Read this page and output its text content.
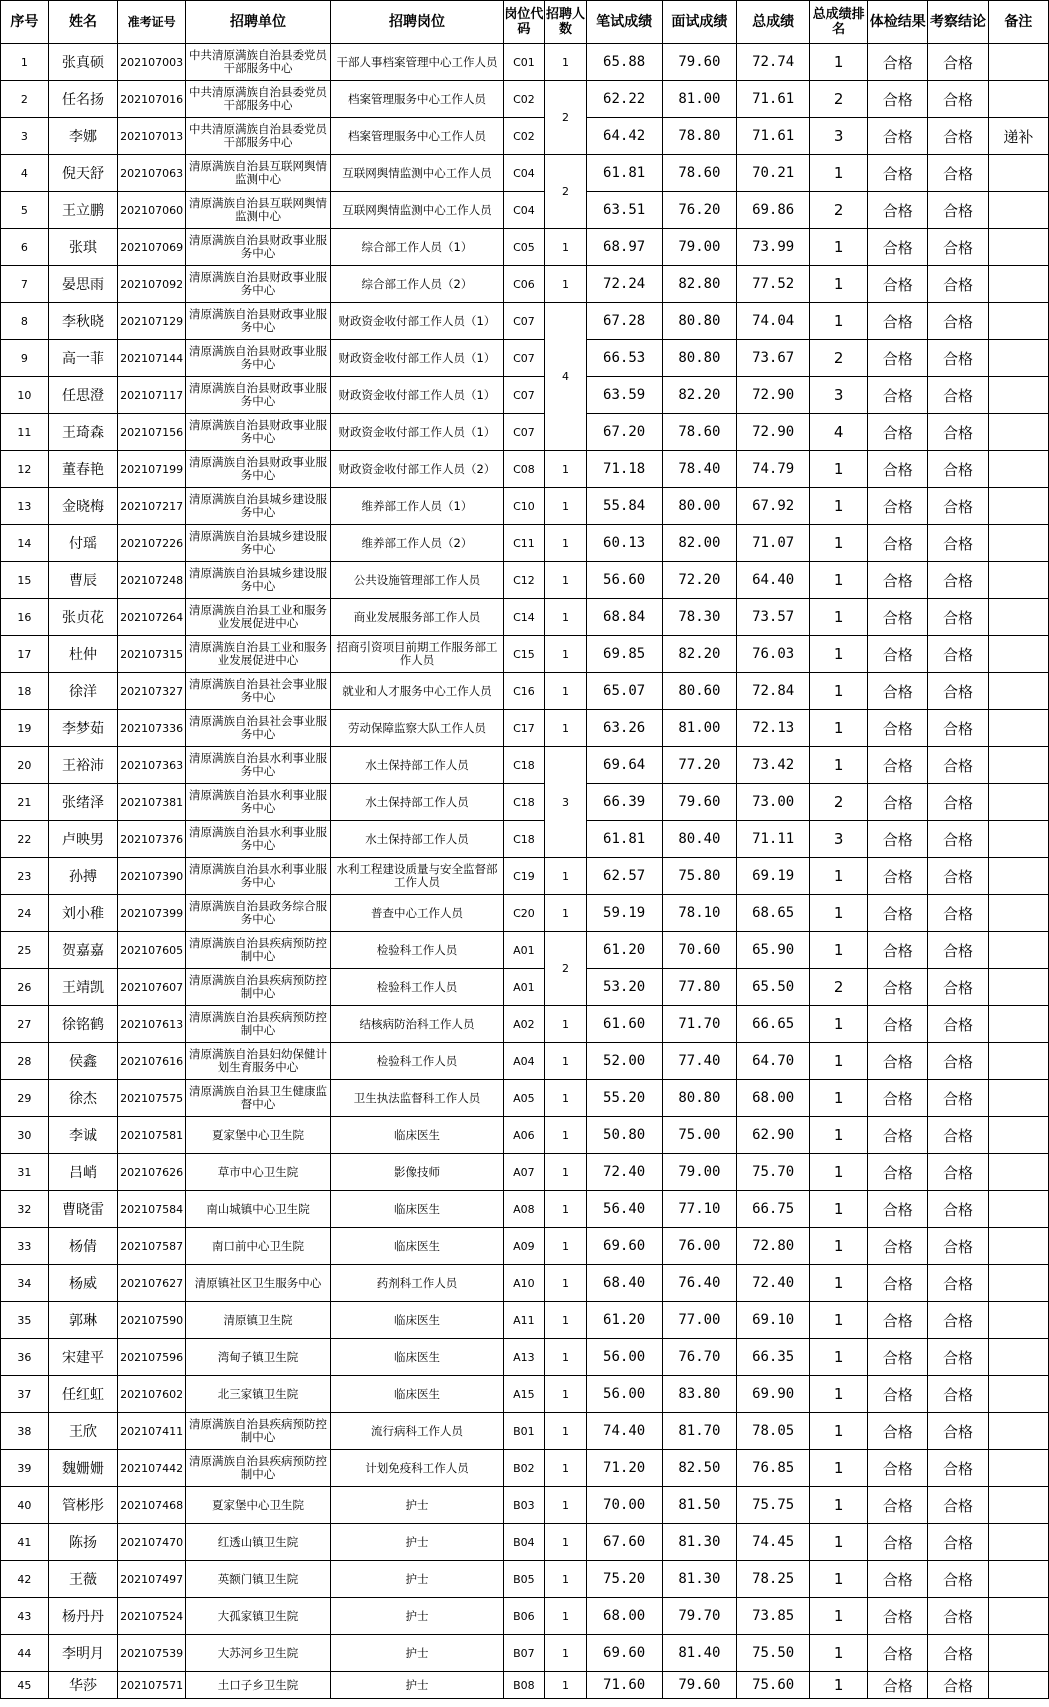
序号	姓名	准考证号	招聘单位	招聘岗位	岗位代码	招聘人数	笔试成绩	面试成绩	总成绩	总成绩排名	体检结果	考察结论	备注
1	张真硕	202107003	中共清原满族自治县委党员干部服务中心	干部人事档案管理中心工作人员	C01	1	65.88	79.60	72.74	1	合格	合格	
2	任名扬	202107016	中共清原满族自治县委党员干部服务中心	档案管理服务中心工作人员	C02	2	62.22	81.00	71.61	2	合格	合格	
3	李娜	202107013	中共清原满族自治县委党员干部服务中心	档案管理服务中心工作人员	C02		64.42	78.80	71.61	3	合格	合格	递补
4	倪天舒	202107063	清原满族自治县互联网舆情监测中心	互联网舆情监测中心工作人员	C04	2	61.81	78.60	70.21	1	合格	合格	
5	王立鹏	202107060	清原满族自治县互联网舆情监测中心	互联网舆情监测中心工作人员	C04		63.51	76.20	69.86	2	合格	合格	
6	张琪	202107069	清原满族自治县财政事业服务中心	综合部工作人员（1）	C05	1	68.97	79.00	73.99	1	合格	合格	
7	晏思雨	202107092	清原满族自治县财政事业服务中心	综合部工作人员（2）	C06	1	72.24	82.80	77.52	1	合格	合格	
8	李秋晓	202107129	清原满族自治县财政事业服务中心	财政资金收付部工作人员（1）	C07	4	67.28	80.80	74.04	1	合格	合格	
9	高一菲	202107144	清原满族自治县财政事业服务中心	财政资金收付部工作人员（1）	C07		66.53	80.80	73.67	2	合格	合格	
10	任思澄	202107117	清原满族自治县财政事业服务中心	财政资金收付部工作人员（1）	C07		63.59	82.20	72.90	3	合格	合格	
11	王琦森	202107156	清原满族自治县财政事业服务中心	财政资金收付部工作人员（1）	C07		67.20	78.60	72.90	4	合格	合格	
12	董春艳	202107199	清原满族自治县财政事业服务中心	财政资金收付部工作人员（2）	C08	1	71.18	78.40	74.79	1	合格	合格	
13	金晓梅	202107217	清原满族自治县城乡建设服务中心	维养部工作人员（1）	C10	1	55.84	80.00	67.92	1	合格	合格	
14	付瑶	202107226	清原满族自治县城乡建设服务中心	维养部工作人员（2）	C11	1	60.13	82.00	71.07	1	合格	合格	
15	曹辰	202107248	清原满族自治县城乡建设服务中心	公共设施管理部工作人员	C12	1	56.60	72.20	64.40	1	合格	合格	
16	张贞花	202107264	清原满族自治县工业和服务业发展促进中心	商业发展服务部工作人员	C14	1	68.84	78.30	73.57	1	合格	合格	
17	杜仲	202107315	清原满族自治县工业和服务业发展促进中心	招商引资项目前期工作服务部工作人员	C15	1	69.85	82.20	76.03	1	合格	合格	
18	徐洋	202107327	清原满族自治县社会事业服务中心	就业和人才服务中心工作人员	C16	1	65.07	80.60	72.84	1	合格	合格	
19	李梦茹	202107336	清原满族自治县社会事业服务中心	劳动保障监察大队工作人员	C17	1	63.26	81.00	72.13	1	合格	合格	
20	王裕沛	202107363	清原满族自治县水利事业服务中心	水土保持部工作人员	C18	3	69.64	77.20	73.42	1	合格	合格	
21	张绪泽	202107381	清原满族自治县水利事业服务中心	水土保持部工作人员	C18		66.39	79.60	73.00	2	合格	合格	
22	卢映男	202107376	清原满族自治县水利事业服务中心	水土保持部工作人员	C18		61.81	80.40	71.11	3	合格	合格	
23	孙搏	202107390	清原满族自治县水利事业服务中心	水利工程建设质量与安全监督部工作人员	C19	1	62.57	75.80	69.19	1	合格	合格	
24	刘小稚	202107399	清原满族自治县政务综合服务中心	普查中心工作人员	C20	1	59.19	78.10	68.65	1	合格	合格	
25	贺嘉嘉	202107605	清原满族自治县疾病预防控制中心	检验科工作人员	A01	2	61.20	70.60	65.90	1	合格	合格	
26	王靖凯	202107607	清原满族自治县疾病预防控制中心	检验科工作人员	A01		53.20	77.80	65.50	2	合格	合格	
27	徐铭鹤	202107613	清原满族自治县疾病预防控制中心	结核病防治科工作人员	A02	1	61.60	71.70	66.65	1	合格	合格	
28	侯鑫	202107616	清原满族自治县妇幼保健计划生育服务中心	检验科工作人员	A04	1	52.00	77.40	64.70	1	合格	合格	
29	徐杰	202107575	清原满族自治县卫生健康监督中心	卫生执法监督科工作人员	A05	1	55.20	80.80	68.00	1	合格	合格	
30	李诚	202107581	夏家堡中心卫生院	临床医生	A06	1	50.80	75.00	62.90	1	合格	合格	
31	吕峭	202107626	草市中心卫生院	影像技师	A07	1	72.40	79.00	75.70	1	合格	合格	
32	曹晓雷	202107584	南山城镇中心卫生院	临床医生	A08	1	56.40	77.10	66.75	1	合格	合格	
33	杨倩	202107587	南口前中心卫生院	临床医生	A09	1	69.60	76.00	72.80	1	合格	合格	
34	杨威	202107627	清原镇社区卫生服务中心	药剂科工作人员	A10	1	68.40	76.40	72.40	1	合格	合格	
35	郭琳	202107590	清原镇卫生院	临床医生	A11	1	61.20	77.00	69.10	1	合格	合格	
36	宋建平	202107596	湾甸子镇卫生院	临床医生	A13	1	56.00	76.70	66.35	1	合格	合格	
37	任红虹	202107602	北三家镇卫生院	临床医生	A15	1	56.00	83.80	69.90	1	合格	合格	
38	王欣	202107411	清原满族自治县疾病预防控制中心	流行病科工作人员	B01	1	74.40	81.70	78.05	1	合格	合格	
39	魏姗姗	202107442	清原满族自治县疾病预防控制中心	计划免疫科工作人员	B02	1	71.20	82.50	76.85	1	合格	合格	
40	管彬彤	202107468	夏家堡中心卫生院	护士	B03	1	70.00	81.50	75.75	1	合格	合格	
41	陈扬	202107470	红透山镇卫生院	护士	B04	1	67.60	81.30	74.45	1	合格	合格	
42	王薇	202107497	英额门镇卫生院	护士	B05	1	75.20	81.30	78.25	1	合格	合格	
43	杨丹丹	202107524	大孤家镇卫生院	护士	B06	1	68.00	79.70	73.85	1	合格	合格	
44	李明月	202107539	大苏河乡卫生院	护士	B07	1	69.60	81.40	75.50	1	合格	合格	
45	华莎	202107571	土口子乡卫生院	护士	B08	1	71.60	79.60	75.60	1	合格	合格	
